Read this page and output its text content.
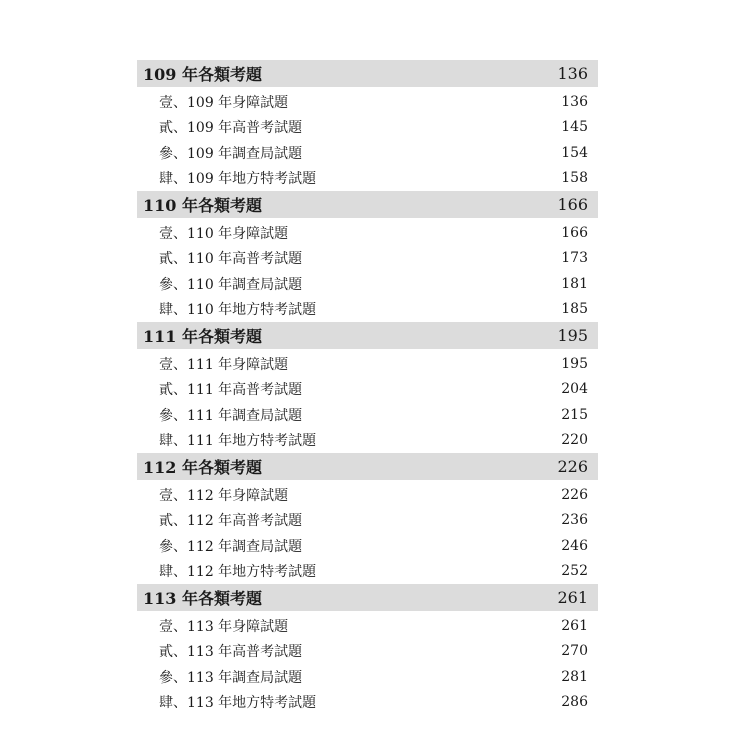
109 年各類考題	136
壹、109 年身障試題	136
貳、109 年高普考試題	145
參、109 年調查局試題	154
肆、109 年地方特考試題	158
110 年各類考題	166
壹、110 年身障試題	166
貳、110 年高普考試題	173
參、110 年調查局試題	181
肆、110 年地方特考試題	185
111 年各類考題	195
壹、111 年身障試題	195
貳、111 年高普考試題	204
參、111 年調查局試題	215
肆、111 年地方特考試題	220
112 年各類考題	226
壹、112 年身障試題	226
貳、112 年高普考試題	236
參、112 年調查局試題	246
肆、112 年地方特考試題	252
113 年各類考題	261
壹、113 年身障試題	261
貳、113 年高普考試題	270
參、113 年調查局試題	281
肆、113 年地方特考試題	286
